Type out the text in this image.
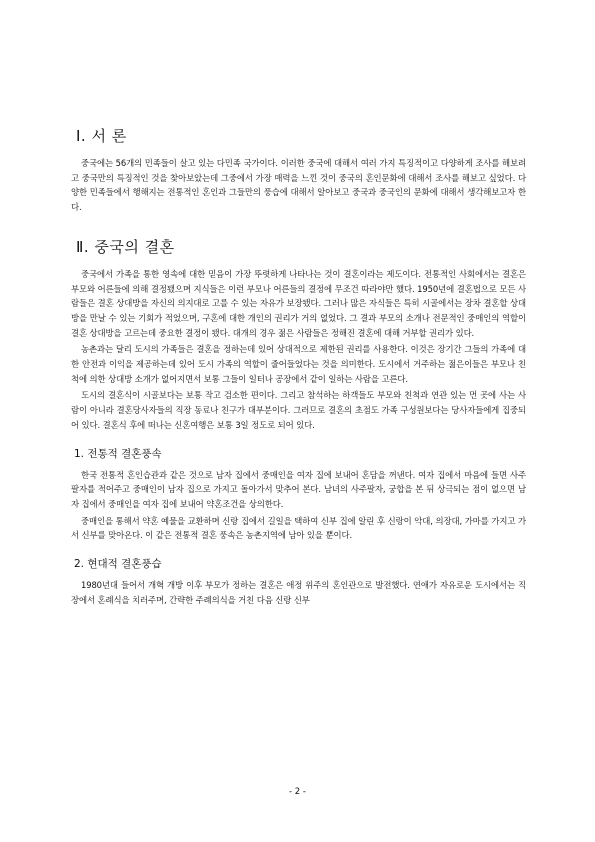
Ⅰ. 서 론

중국에는 56개의 민족들이 살고 있는 다민족 국가이다. 이러한 중국에 대해서 여러 가지 특징적이고 다양하게 조사를 해보려고 중국만의 특징적인 것을 찾아보았는데 그중에서 가장 매력을 느낀 것이 중국의 혼인문화에 대해서 조사를 해보고 싶었다. 다양한 민족들에서 행해지는 전통적인 혼인과 그들만의 풍습에 대해서 알아보고 중국과 중국인의 문화에 대해서 생각해보고자 한다.

Ⅱ. 중국의 결혼

중국에서 가족을 통한 영속에 대한 믿음이 가장 뚜렷하게 나타나는 것이 결혼이라는 제도이다. 전통적인 사회에서는 결혼은 부모와 어른들에 의해 결정됐으며 지식들은 이런 부모나 어른들의 결정에 무조건 따라야만 했다. 1950년에 결혼법으로 모든 사람들은 결혼 상대방을 자신의 의지대로 고를 수 있는 자유가 보장됐다. 그러나 많은 자식들은 특히 시골에서는 장차 결혼할 상대방을 만날 수 있는 기회가 적었으며, 구혼에 대한 개인의 권리가 거의 없었다. 그 결과 부모의 소개나 전문적인 중매인의 역할이 결혼 상대방을 고르는데 중요한 결정이 됐다. 대개의 경우 젊은 사람들은 정해진 결혼에 대해 거부할 권리가 있다.

농촌과는 달리 도시의 가족들은 결혼을 정하는데 있어 상대적으로 제한된 권리를 사용한다. 이것은 장기간 그들의 가족에 대한 안전과 이익을 제공하는데 있어 도시 가족의 역할이 줄어들었다는 것을 의미한다. 도시에서 거주하는 젊은이들은 부모나 친척에 의한 상대방 소개가 없어지면서 보통 그들이 일터나 공장에서 같이 일하는 사람을 고른다.

도시의 결혼식이 시골보다는 보통 작고 검소한 편이다. 그리고 참석하는 하객들도 부모와 친척과 연관 있는 먼 곳에 사는 사람이 아니라 결혼당사자들의 직장 동료나 친구가 대부분이다. 그러므로 결혼의 초점도 가족 구성원보다는 당사자들에게 집중되어 있다. 결혼식 후에 떠나는 신혼여행은 보통 3일 정도로 되어 있다.

1. 전통적 결혼풍속

한국 전통적 혼인습관과 같은 것으로 남자 집에서 중매인을 여자 집에 보내어 혼담을 꺼낸다. 여자 집에서 마음에 들면 사주팔자를 적어주고 중매인이 남자 집으로 가지고 돌아가서 맞추어 본다. 남녀의 사주팔자, 궁합을 본 뒤 상극되는 점이 없으면 남자 집에서 중매인을 여자 집에 보내어 약혼조건을 상의한다.

중매인을 통해서 약혼 예물을 교환하며 신랑 집에서 길일을 택하여 신부 집에 알린 후 신랑이 악대, 의장대, 가마를 가지고 가서 신부를 맞아온다. 이 같은 전통적 결혼 풍속은 농촌지역에 남아 있을 뿐이다.

2. 현대적 결혼풍습

1980년대 들어서 개혁 개방 이후 부모가 정하는 결혼은 애정 위주의 혼인관으로 발전했다. 연애가 자유로운 도시에서는 직장에서 혼례식을 치러주며, 간략한 주례의식을 거친 다음 신랑 신부

- 2 -
